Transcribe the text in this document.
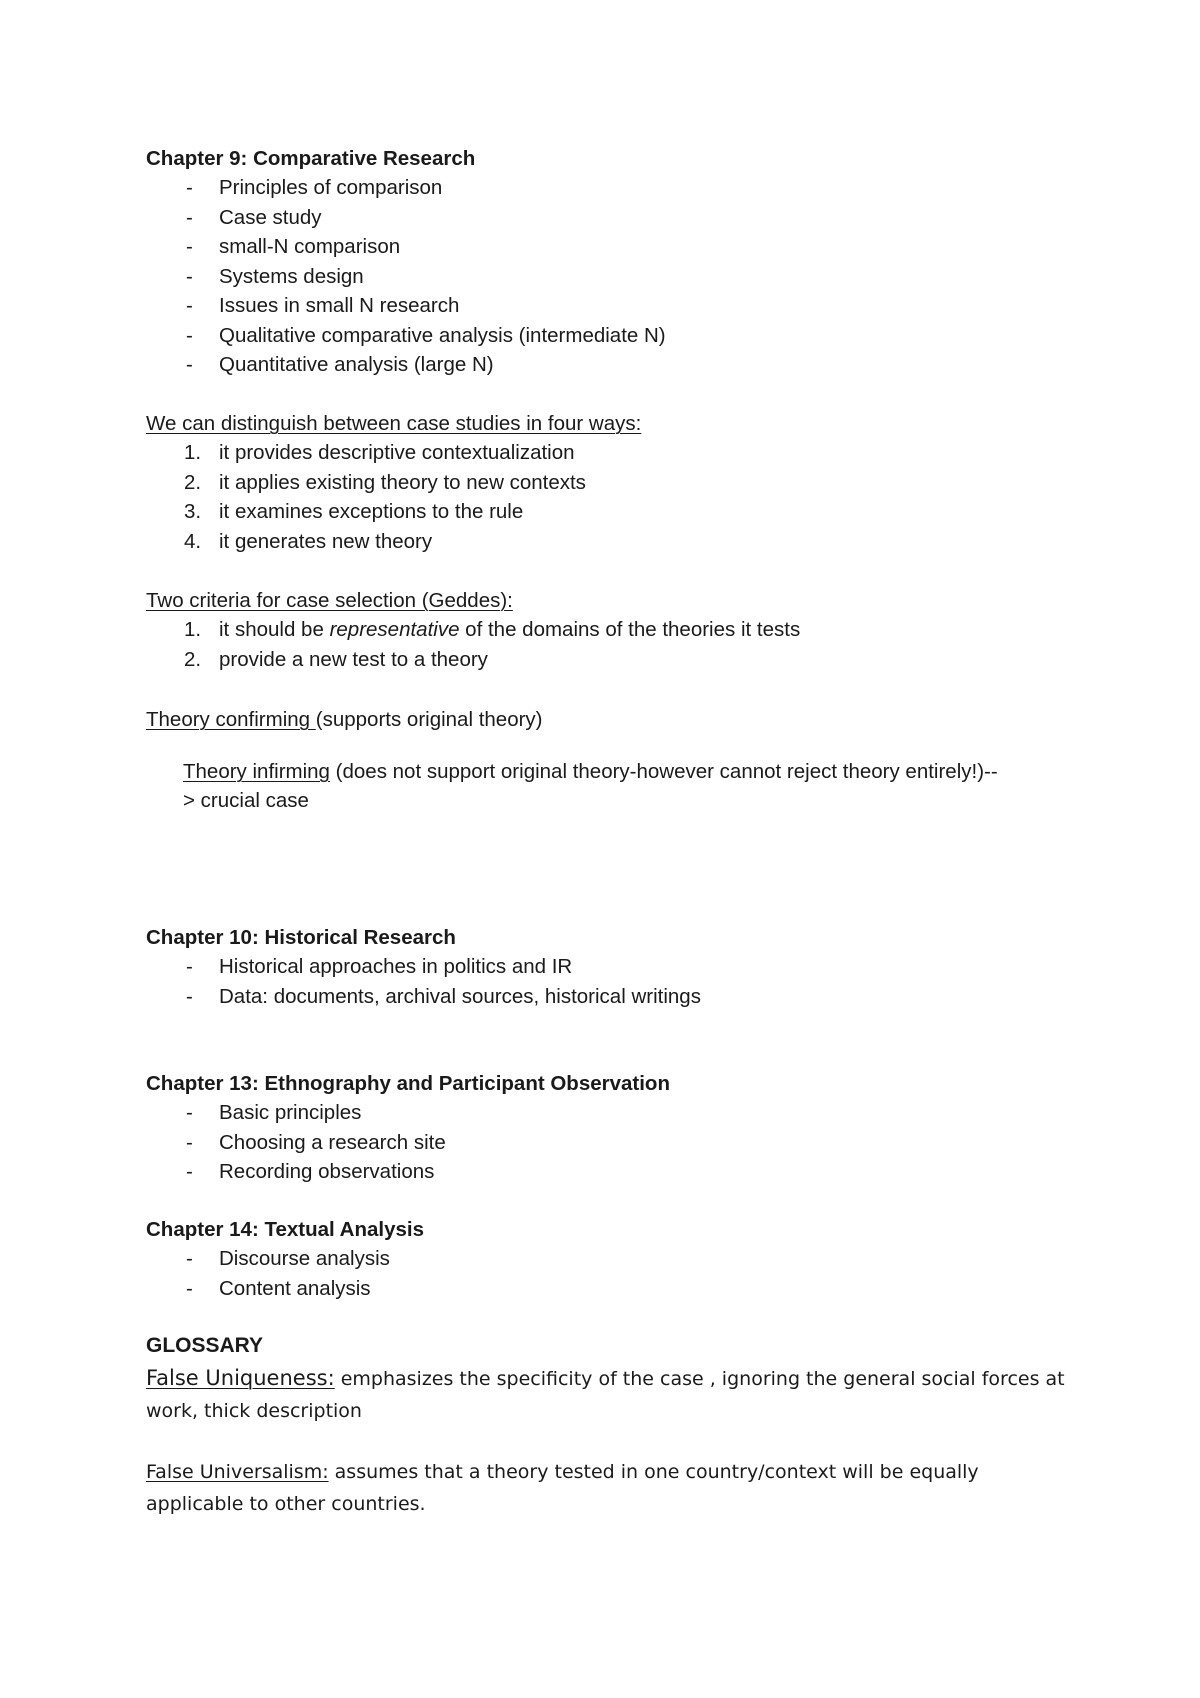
Chapter 9: Comparative Research

- Principles of comparison
- Case study
- small-N comparison
- Systems design
- Issues in small N research
- Qualitative comparative analysis (intermediate N)
- Quantitative analysis (large N)

We can distinguish between case studies in four ways:

1. it provides descriptive contextualization
2. it applies existing theory to new contexts
3. it examines exceptions to the rule
4. it generates new theory

Two criteria for case selection (Geddes):

1. it should be representative of the domains of the theories it tests
2. provide a new test to a theory

Theory confirming (supports original theory)

Theory infirming (does not support original theory-however cannot reject theory entirely!)--> crucial case

Chapter 10: Historical Research

- Historical approaches in politics and IR
- Data: documents, archival sources, historical writings

Chapter 13: Ethnography and Participant Observation

- Basic principles
- Choosing a research site
- Recording observations

Chapter 14: Textual Analysis

- Discourse analysis
- Content analysis

GLOSSARY

False Uniqueness: emphasizes the specificity of the case , ignoring the general social forces at work, thick description

False Universalism: assumes that a theory tested in one country/context will be equally applicable to other countries.
